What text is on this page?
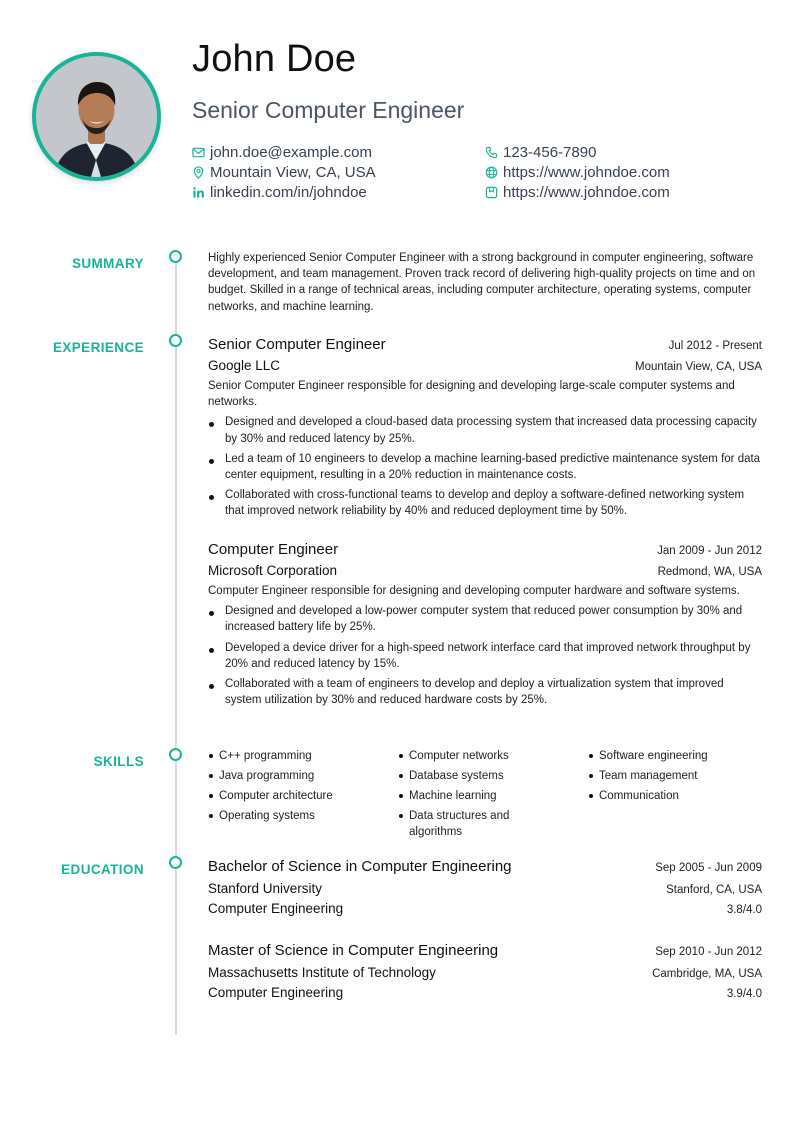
John Doe
Senior Computer Engineer
john.doe@example.com	123-456-7890
Mountain View, CA, USA	https://www.johndoe.com
linkedin.com/in/johndoe	https://www.johndoe.com
SUMMARY
EXPERIENCE
SKILLS
EDUCATION
Highly experienced Senior Computer Engineer with a strong background in computer engineering, software development, and team management. Proven track record of delivering high-quality projects on time and on budget. Skilled in a range of technical areas, including computer architecture, operating systems, computer networks, and machine learning.
Senior Computer Engineer	Jul 2012 - Present
Google LLC	Mountain View, CA, USA
Senior Computer Engineer responsible for designing and developing large-scale computer systems and networks.
Designed and developed a cloud-based data processing system that increased data processing capacity by 30% and reduced latency by 25%.
Led a team of 10 engineers to develop a machine learning-based predictive maintenance system for data center equipment, resulting in a 20% reduction in maintenance costs.
Collaborated with cross-functional teams to develop and deploy a software-defined networking system that improved network reliability by 40% and reduced deployment time by 50%.
Computer Engineer	Jan 2009 - Jun 2012
Microsoft Corporation	Redmond, WA, USA
Computer Engineer responsible for designing and developing computer hardware and software systems.
Designed and developed a low-power computer system that reduced power consumption by 30% and increased battery life by 25%.
Developed a device driver for a high-speed network interface card that improved network throughput by 20% and reduced latency by 15%.
Collaborated with a team of engineers to develop and deploy a virtualization system that improved system utilization by 30% and reduced hardware costs by 25%.
C++ programming	Computer networks	Software engineering
Java programming	Database systems	Team management
Computer architecture	Machine learning	Communication
Operating systems	Data structures and algorithms
Bachelor of Science in Computer Engineering	Sep 2005 - Jun 2009
Stanford University	Stanford, CA, USA
Computer Engineering	3.8/4.0
Master of Science in Computer Engineering	Sep 2010 - Jun 2012
Massachusetts Institute of Technology	Cambridge, MA, USA
Computer Engineering	3.9/4.0
